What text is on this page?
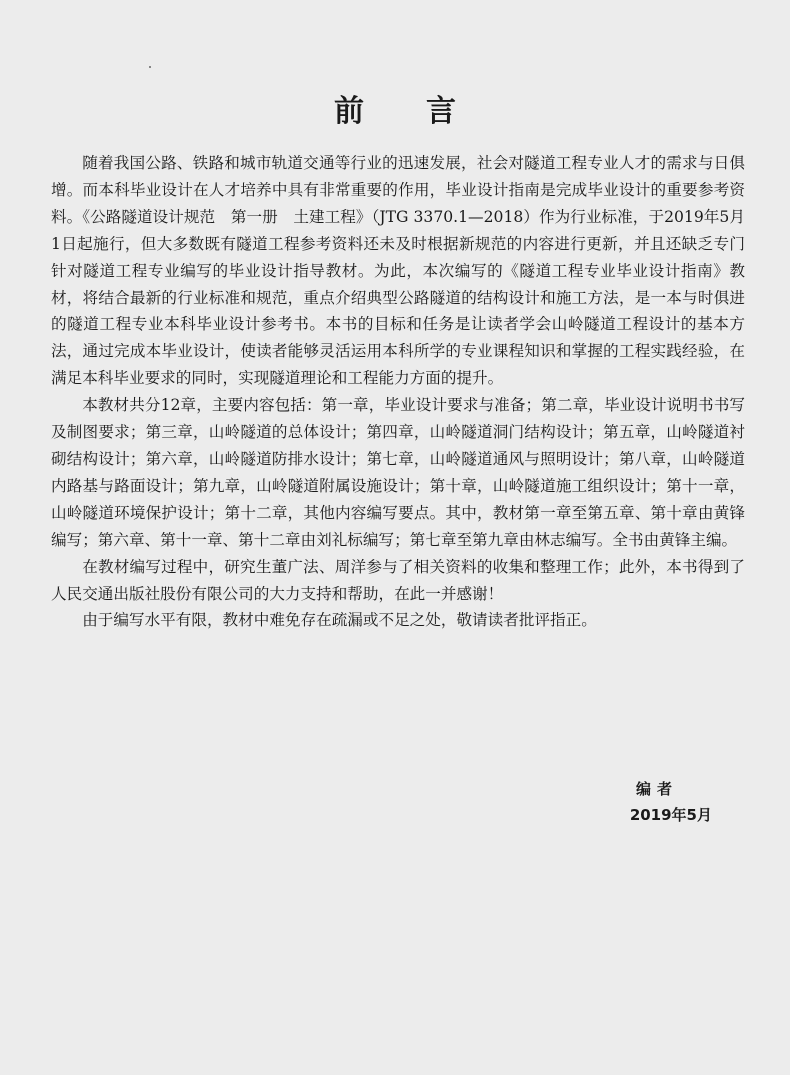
前 言

随着我国公路、铁路和城市轨道交通等行业的迅速发展，社会对隧道工程专业人才的需求与日俱增。而本科毕业设计在人才培养中具有非常重要的作用，毕业设计指南是完成毕业设计的重要参考资料。《公路隧道设计规范　第一册　土建工程》（JTG 3370.1—2018）作为行业标准，于2019年5月1日起施行，但大多数既有隧道工程参考资料还未及时根据新规范的内容进行更新，并且还缺乏专门针对隧道工程专业编写的毕业设计指导教材。为此，本次编写的《隧道工程专业毕业设计指南》教材，将结合最新的行业标准和规范，重点介绍典型公路隧道的结构设计和施工方法，是一本与时俱进的隧道工程专业本科毕业设计参考书。本书的目标和任务是让读者学会山岭隧道工程设计的基本方法，通过完成本毕业设计，使读者能够灵活运用本科所学的专业课程知识和掌握的工程实践经验，在满足本科毕业要求的同时，实现隧道理论和工程能力方面的提升。

本教材共分12章，主要内容包括：第一章，毕业设计要求与准备；第二章，毕业设计说明书书写及制图要求；第三章，山岭隧道的总体设计；第四章，山岭隧道洞门结构设计；第五章，山岭隧道衬砌结构设计；第六章，山岭隧道防排水设计；第七章，山岭隧道通风与照明设计；第八章，山岭隧道内路基与路面设计；第九章，山岭隧道附属设施设计；第十章，山岭隧道施工组织设计；第十一章，山岭隧道环境保护设计；第十二章，其他内容编写要点。其中，教材第一章至第五章、第十章由黄锋编写；第六章、第十一章、第十二章由刘礼标编写；第七章至第九章由林志编写。全书由黄锋主编。

在教材编写过程中，研究生董广法、周洋参与了相关资料的收集和整理工作；此外，本书得到了人民交通出版社股份有限公司的大力支持和帮助，在此一并感谢！

由于编写水平有限，教材中难免存在疏漏或不足之处，敬请读者批评指正。

编者
2019年5月
